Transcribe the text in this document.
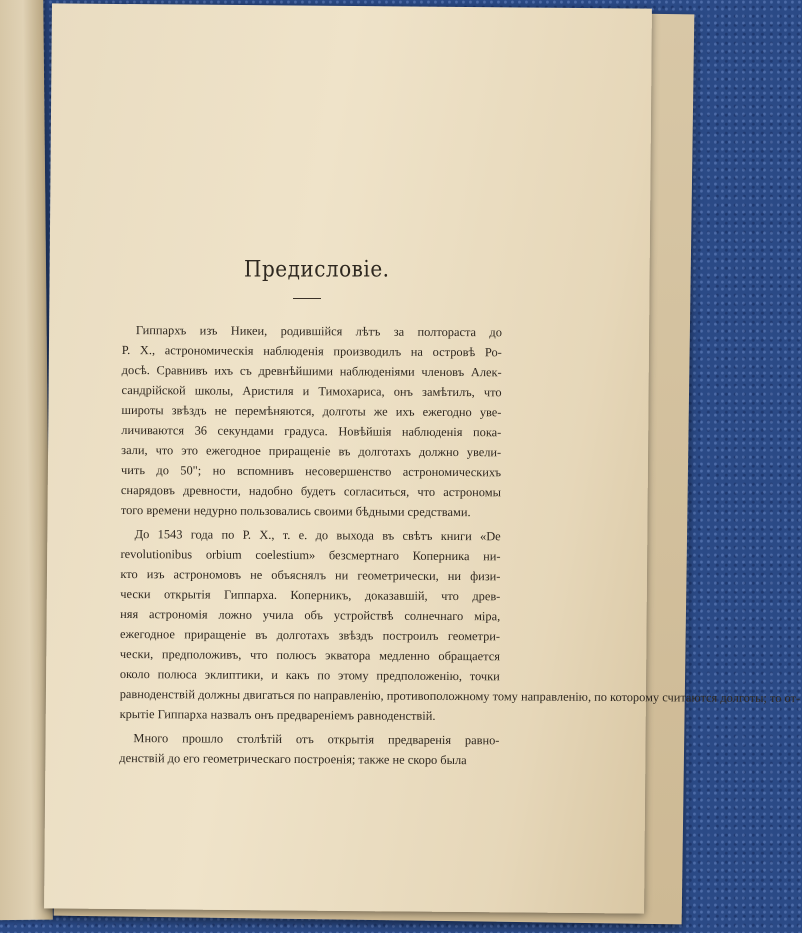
Предисловіе.
Гиппархъ изъ Никеи, родившійся лѣтъ за полтораста до
Р. Х., астрономическія наблюденія производилъ на островѣ Ро-
досѣ. Сравнивъ ихъ съ древнѣйшими наблюденіями членовъ Алек-
сандрійской школы, Аристиля и Тимохариса, онъ замѣтилъ, что
широты звѣздъ не перемѣняются, долготы же ихъ ежегодно уве-
личиваются 36 секундами градуса. Новѣйшія наблюденія пока-
зали, что это ежегодное приращеніе въ долготахъ должно увели-
чить до 50"; но вспомнивъ несовершенство астрономическихъ
снарядовъ древности, надобно будетъ согласиться, что астрономы
того времени недурно пользовались своими бѣдными средствами.
До 1543 года по Р. Х., т. е. до выхода въ свѣтъ книги «De
revolutionibus orbium coelestium» безсмертнаго Коперника ни-
кто изъ астрономовъ не объяснялъ ни геометрически, ни физи-
чески открытія Гиппарха. Коперникъ, доказавшій, что древ-
няя астрономія ложно учила объ устройствѣ солнечнаго міра,
ежегодное приращеніе въ долготахъ звѣздъ построилъ геометри-
чески, предположивъ, что полюсъ экватора медленно обращается
около полюса эклиптики, и какъ по этому предположенію, точки
равноденствій должны двигаться по направленію, противоположному тому направленію, по которому считаются долготы; то от-
крытіе Гиппарха назвалъ онъ предвареніемъ равноденствій.
Много прошло столѣтій отъ открытія предваренія равно-
денствій до его геометрическаго построенія; также не скоро была
